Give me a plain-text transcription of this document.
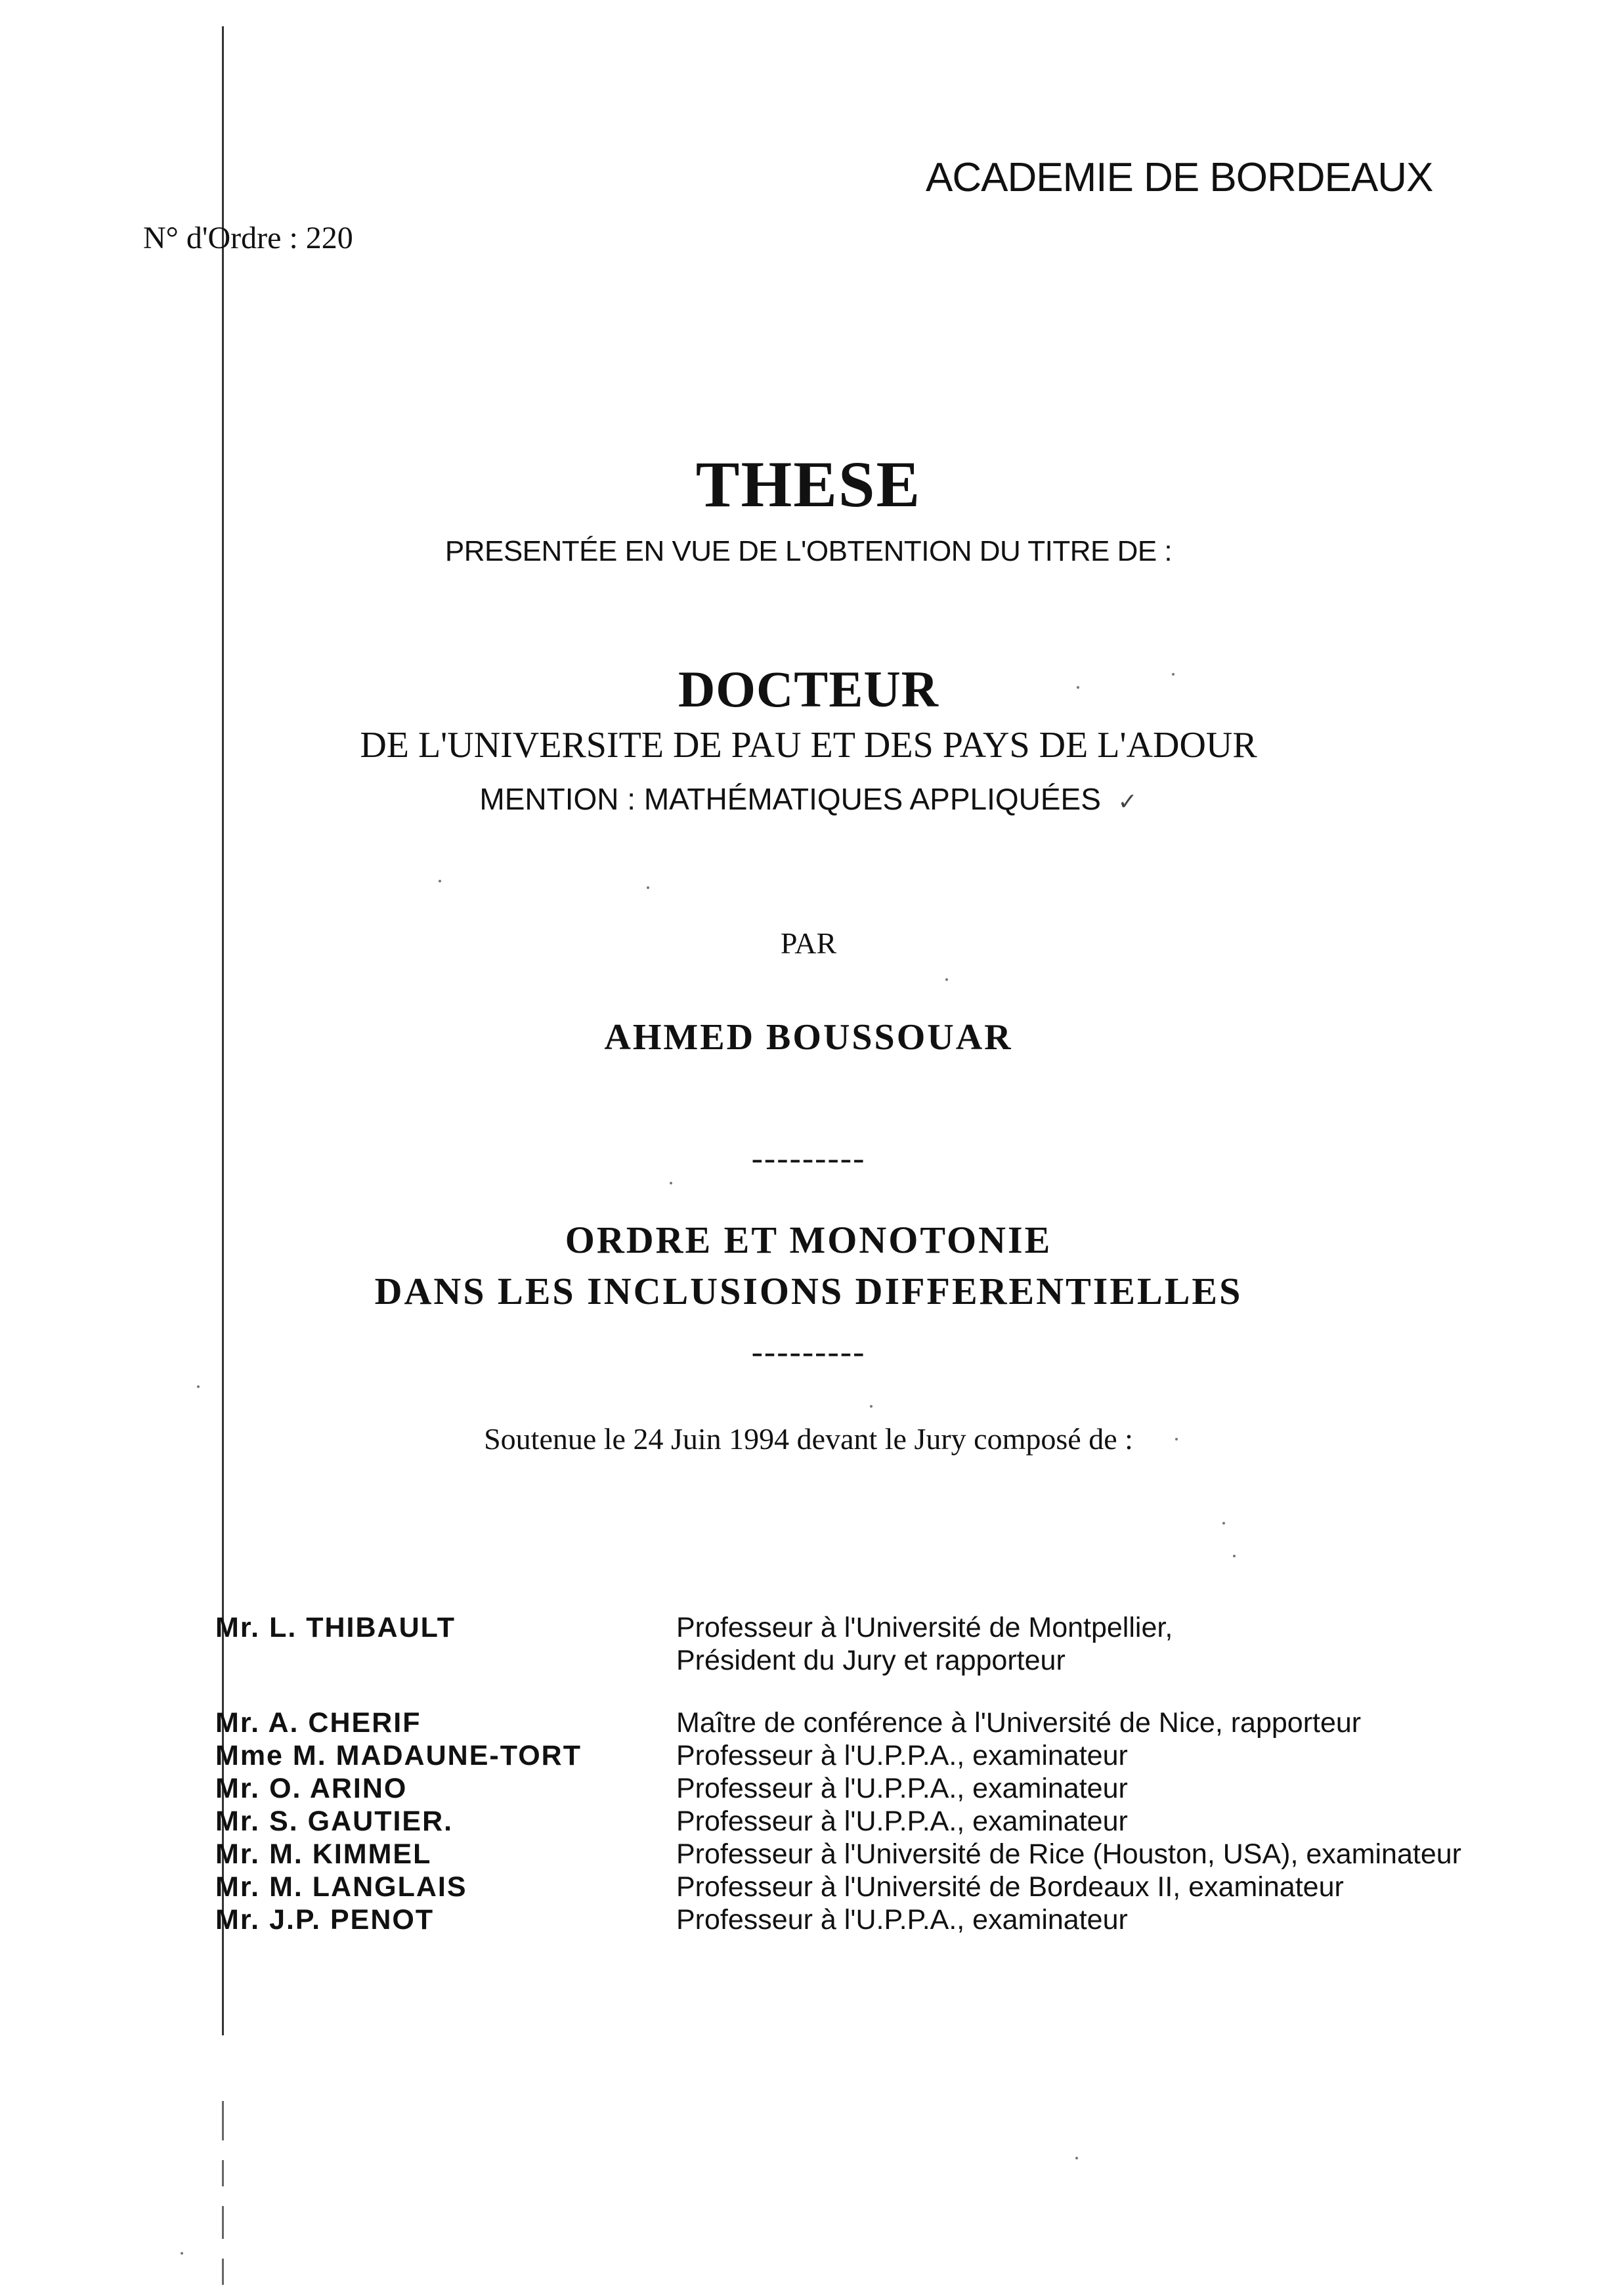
ACADEMIE DE BORDEAUX
N° d'Ordre : 220
THESE
PRESENTÉE EN VUE DE L'OBTENTION DU TITRE DE :
DOCTEUR
DE L'UNIVERSITE DE PAU ET DES PAYS DE L'ADOUR
MENTION : MATHÉMATIQUES APPLIQUÉES ✓
PAR
AHMED BOUSSOUAR
---------
ORDRE ET MONOTONIE
DANS LES INCLUSIONS DIFFERENTIELLES
---------
Soutenue le 24 Juin 1994 devant le Jury composé de :
Mr. L. THIBAULT	Professeur à l'Université de Montpellier,
Président du Jury et rapporteur
Mr. A. CHERIF	Maître de conférence à l'Université de Nice, rapporteur
Mme M. MADAUNE-TORT	Professeur à l'U.P.P.A., examinateur
Mr. O. ARINO	Professeur à l'U.P.P.A., examinateur
Mr. S. GAUTIER.	Professeur à l'U.P.P.A., examinateur
Mr. M. KIMMEL	Professeur à l'Université de Rice (Houston, USA), examinateur
Mr. M. LANGLAIS	Professeur à l'Université de Bordeaux II, examinateur
Mr. J.P. PENOT	Professeur à l'U.P.P.A., examinateur
